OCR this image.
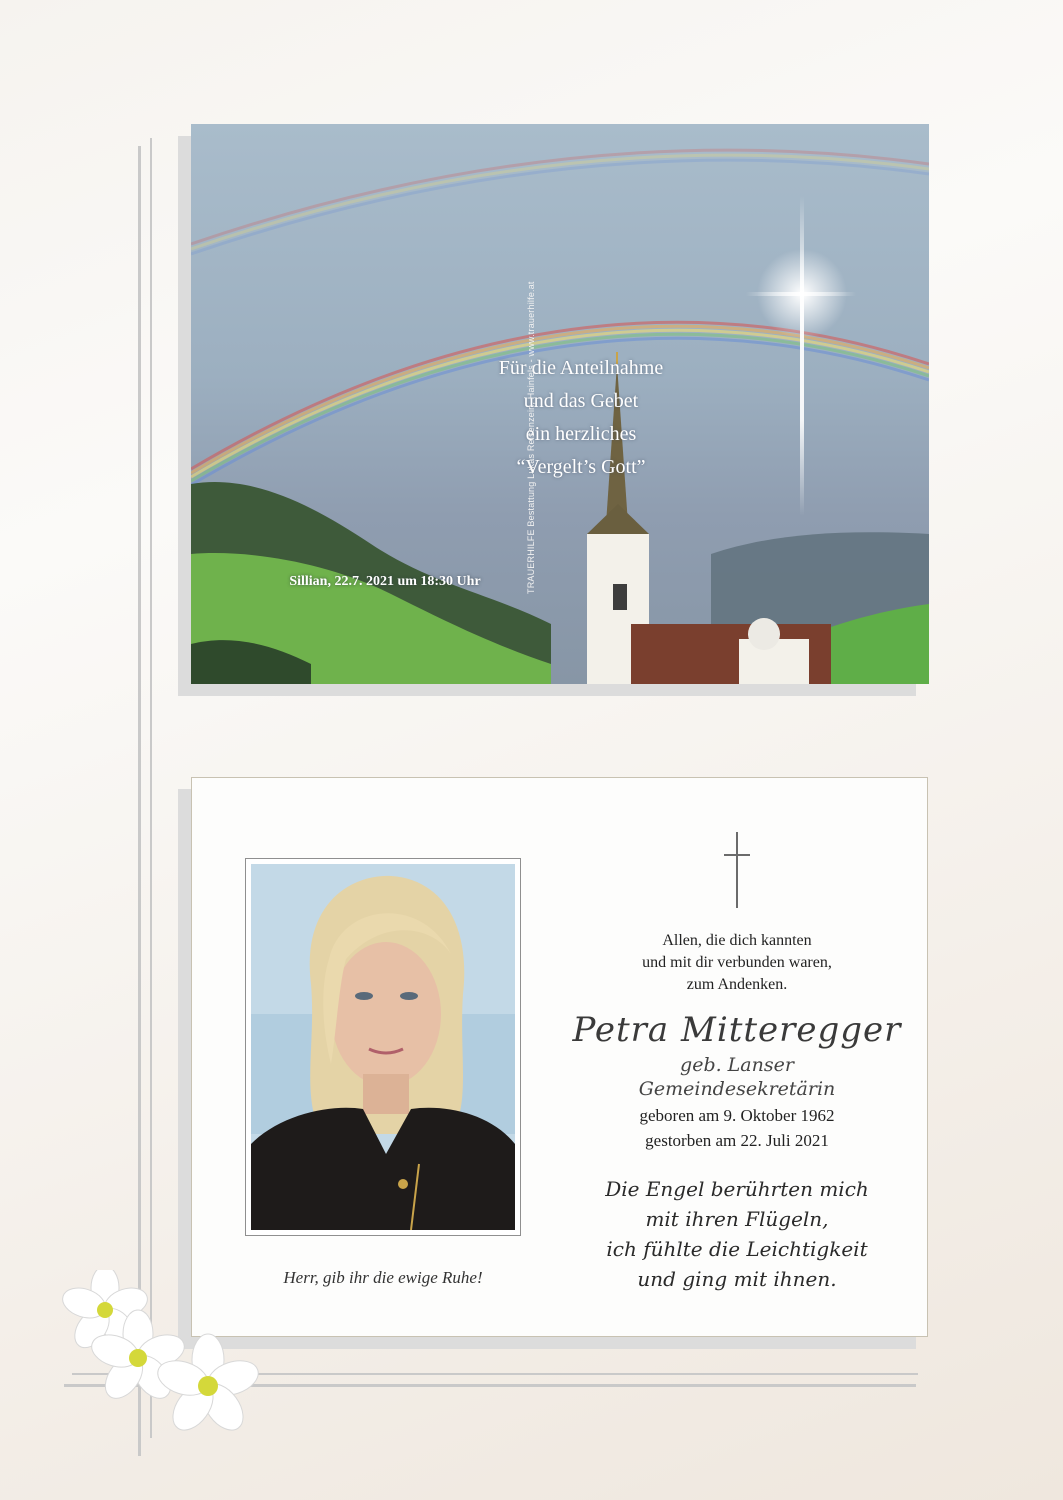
Für die Anteilnahme
und das Gebet
ein herzliches
“Vergelt’s Gott”
Sillian, 22.7. 2021 um 18:30 Uhr	TRAUERHILFE Bestattung Lukas Reisenzein, Hainfels - www.trauerhilfe.at
Herr, gib ihr die ewige Ruhe!
Allen, die dich kannten
und mit dir verbunden waren,
zum Andenken.
Petra Mitteregger
geb. Lanser
Gemeindesekretärin
geboren am 9. Oktober 1962
gestorben am 22. Juli 2021
Die Engel berührten mich
mit ihren Flügeln,
ich fühlte die Leichtigkeit
und ging mit ihnen.
